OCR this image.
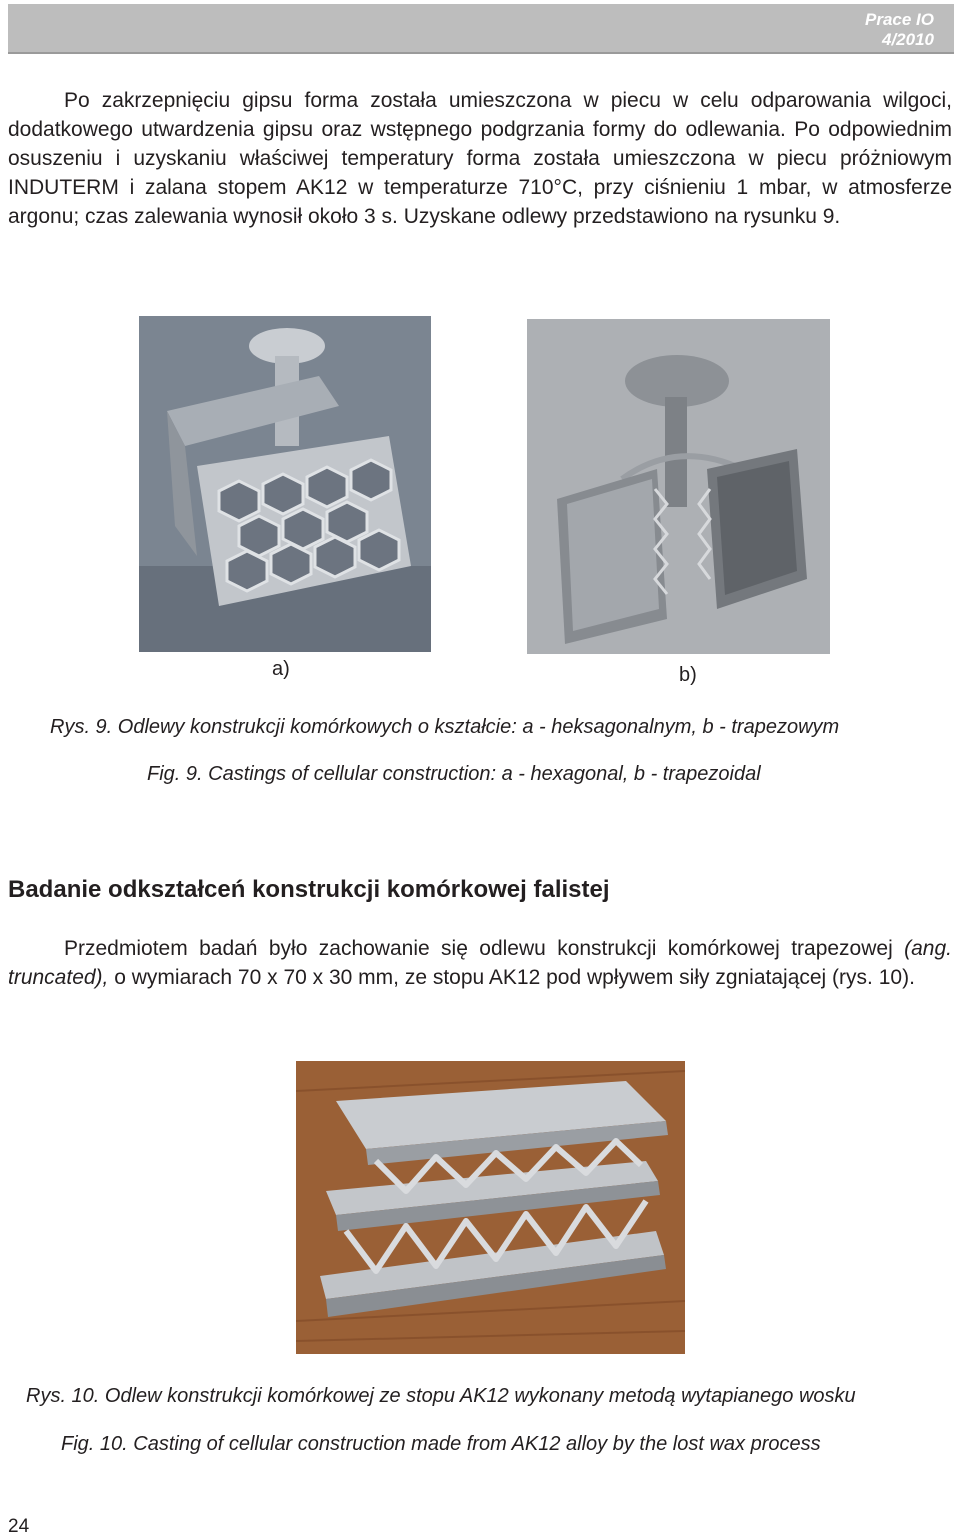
Prace IO
4/2010

Po zakrzepnięciu gipsu forma została umieszczona w piecu w celu odparowania wilgoci, dodatkowego utwardzenia gipsu oraz wstępnego podgrzania formy do odlewania. Po odpowiednim osuszeniu i uzyskaniu właściwej temperatury forma została umieszczona w piecu próżniowym INDUTERM i zalana stopem AK12 w temperaturze 710°C, przy ciśnieniu 1 mbar, w atmosferze argonu; czas zalewania wynosił około 3 s. Uzyskane odlewy przedstawiono na rysunku 9.

a)	b)
Rys. 9. Odlewy konstrukcji komórkowych o kształcie: a - heksagonalnym, b - trapezowym
Fig. 9. Castings of cellular construction: a - hexagonal, b - trapezoidal
Badanie odkształceń konstrukcji komórkowej falistej

Przedmiotem badań było zachowanie się odlewu konstrukcji komórkowej trapezowej (ang. truncated), o wymiarach 70 x 70 x 30 mm, ze stopu AK12 pod wpływem siły zgniatającej (rys. 10).

Rys. 10. Odlew konstrukcji komórkowej ze stopu AK12 wykonany metodą wytapianego wosku
Fig. 10. Casting of cellular construction made from AK12 alloy by the lost wax process
24
